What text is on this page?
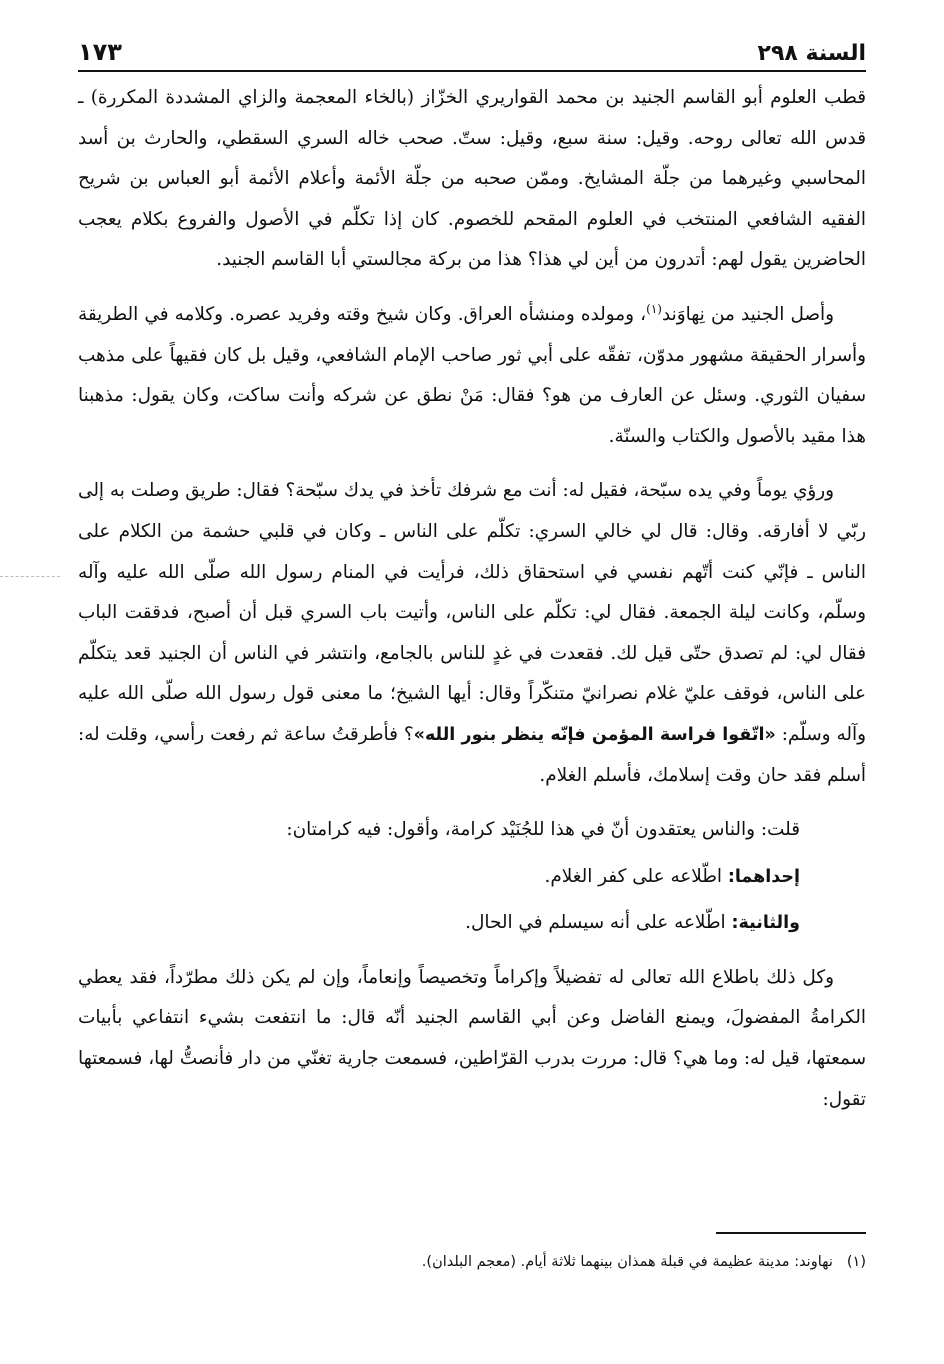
السنة ٢٩٨
١٧٣

قطب العلوم أبو القاسم الجنيد بن محمد القواريري الخزّاز (بالخاء المعجمة والزاي المشددة المكررة) ـ قدس الله تعالى روحه. وقيل: سنة سبع، وقيل: ستّ. صحب خاله السري السقطي، والحارث بن أسد المحاسبي وغيرهما من جلّة المشايخ. وممّن صحبه من جلّة الأئمة وأعلام الأئمة أبو العباس بن شريح الفقيه الشافعي المنتخب في العلوم المقحم للخصوم. كان إذا تكلّم في الأصول والفروع بكلام يعجب الحاضرين يقول لهم: أتدرون من أين لي هذا؟ هذا من بركة مجالستي أبا القاسم الجنيد.

وأصل الجنيد من نِهاوَند$^{(١)}$، ومولده ومنشأه العراق. وكان شيخ وقته وفريد عصره. وكلامه في الطريقة وأسرار الحقيقة مشهور مدوّن، تفقّه على أبي ثور صاحب الإمام الشافعي، وقيل بل كان فقيهاً على مذهب سفيان الثوري. وسئل عن العارف من هو؟ فقال: مَنْ نطق عن شركه وأنت ساكت، وكان يقول: مذهبنا هذا مقيد بالأصول والكتاب والسنّة.

ورؤي يوماً وفي يده سبّحة، فقيل له: أنت مع شرفك تأخذ في يدك سبّحة؟ فقال: طريق وصلت به إلى ربّي لا أفارقه. وقال: قال لي خالي السري: تكلّم على الناس ـ وكان في قلبي حشمة من الكلام على الناس ـ فإنّي كنت أتّهم نفسي في استحقاق ذلك، فرأيت في المنام رسول الله صلّى الله عليه وآله وسلّم، وكانت ليلة الجمعة. فقال لي: تكلّم على الناس، وأتيت باب السري قبل أن أصبح، فدققت الباب فقال لي: لم تصدق حتّى قيل لك. فقعدت في غدٍ للناس بالجامع، وانتشر في الناس أن الجنيد قعد يتكلّم على الناس، فوقف عليّ غلام نصرانيّ متنكّراً وقال: أيها الشيخ؛ ما معنى قول رسول الله صلّى الله عليه وآله وسلّم: «اتّقوا فراسة المؤمن فإنّه ينظر بنور الله»؟ فأطرقتُ ساعة ثم رفعت رأسي، وقلت له: أسلم فقد حان وقت إسلامك، فأسلم الغلام.

قلت: والناس يعتقدون أنّ في هذا للجُنَيْد كرامة، وأقول: فيه كرامتان:

إحداهما: اطّلاعه على كفر الغلام.

والثانية: اطّلاعه على أنه سيسلم في الحال.

وكل ذلك باطلاع الله تعالى له تفضيلاً وإكراماً وتخصيصاً وإنعاماً، وإن لم يكن ذلك مطرّداً، فقد يعطي الكرامةُ المفضولَ، ويمنع الفاضل وعن أبي القاسم الجنيد أنّه قال: ما انتفعت بشيء انتفاعي بأبيات سمعتها، قيل له: وما هي؟ قال: مررت بدرب القرّاطين، فسمعت جارية تغنّي من دار فأنصتُّ لها، فسمعتها تقول:

(١)نهاوند: مدينة عظيمة في قبلة همذان بينهما ثلاثة أيام. (معجم البلدان).
